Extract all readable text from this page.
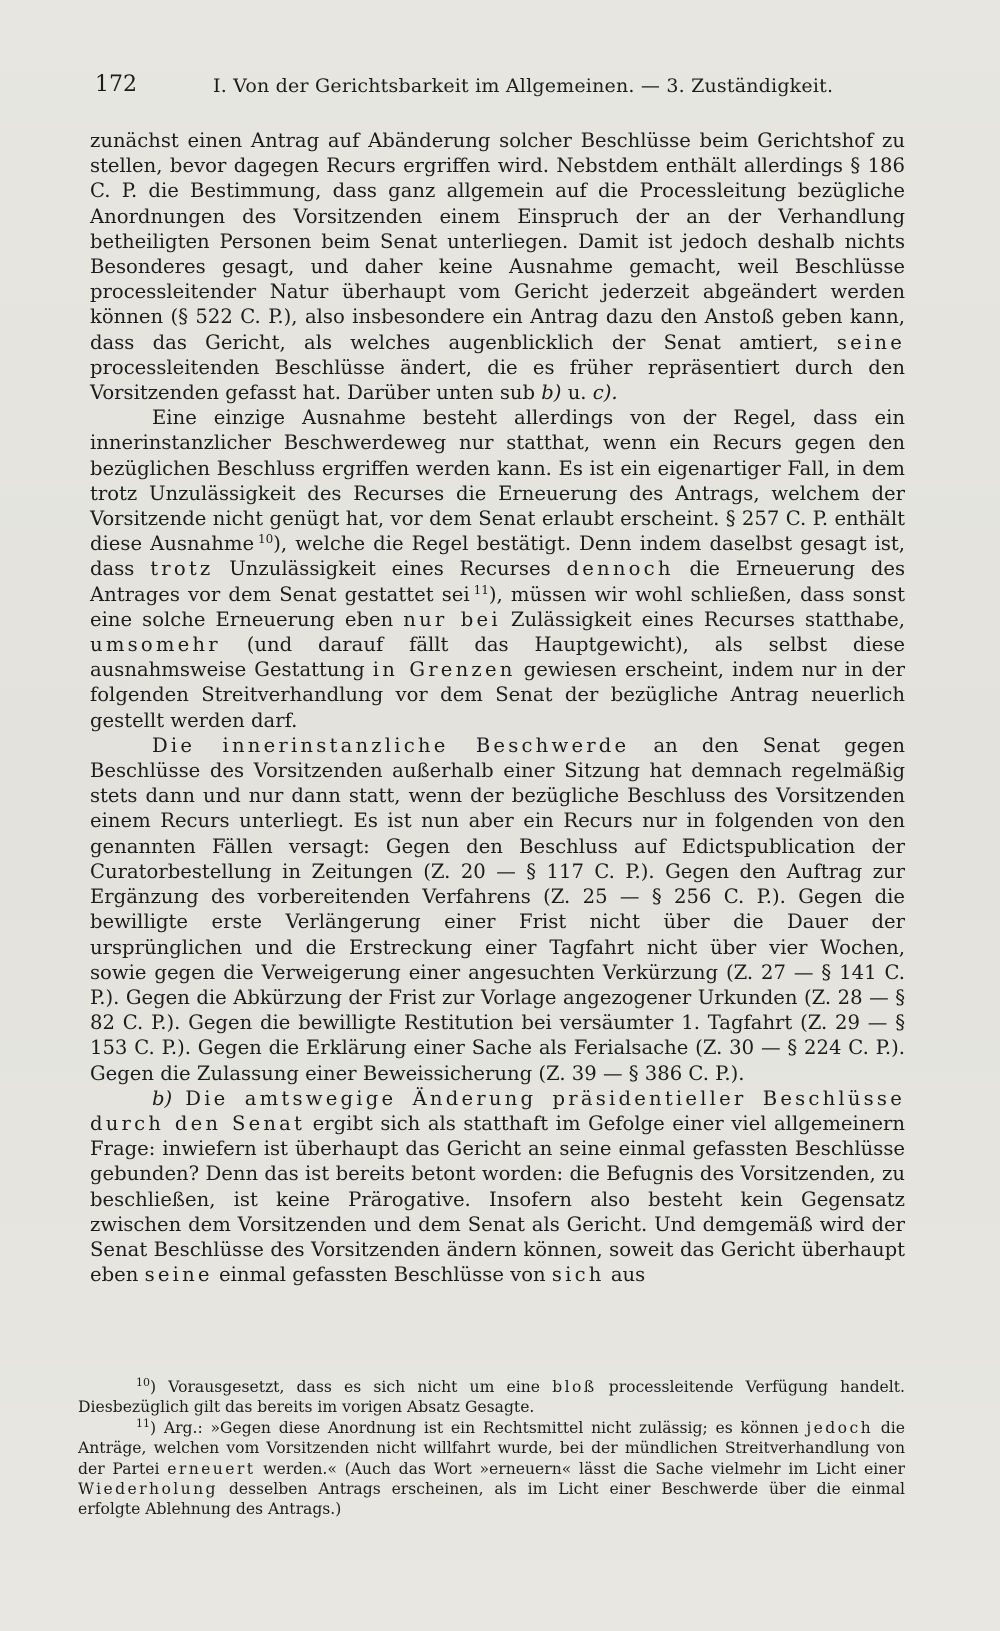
172	I. Von der Gerichtsbarkeit im Allgemeinen. — 3. Zuständigkeit.

zunächst einen Antrag auf Abänderung solcher Beschlüsse beim Gerichtshof zu stellen, bevor dagegen Recurs ergriffen wird. Nebstdem enthält allerdings § 186 C. P. die Bestimmung, dass ganz allgemein auf die Processleitung bezügliche Anordnungen des Vorsitzenden einem Einspruch der an der Verhandlung betheiligten Personen beim Senat unterliegen. Damit ist jedoch deshalb nichts Besonderes gesagt, und daher keine Ausnahme gemacht, weil Beschlüsse processleitender Natur überhaupt vom Gericht jederzeit abgeändert werden können (§ 522 C. P.), also insbesondere ein Antrag dazu den Anstoß geben kann, dass das Gericht, als welches augenblicklich der Senat amtiert, seine processleitenden Beschlüsse ändert, die es früher repräsentiert durch den Vorsitzenden gefasst hat. Darüber unten sub b) u. c).

Eine einzige Ausnahme besteht allerdings von der Regel, dass ein innerinstanzlicher Beschwerdeweg nur statthat, wenn ein Recurs gegen den bezüglichen Beschluss ergriffen werden kann. Es ist ein eigenartiger Fall, in dem trotz Unzulässigkeit des Recurses die Erneuerung des Antrags, welchem der Vorsitzende nicht genügt hat, vor dem Senat erlaubt erscheint. § 257 C. P. enthält diese Ausnahme  $^{10}$), welche die Regel bestätigt. Denn indem daselbst gesagt ist, dass trotz Unzulässigkeit eines Recurses dennoch die Erneuerung des Antrages vor dem Senat gestattet sei  $^{11}$), müssen wir wohl schließen, dass sonst eine solche Erneuerung eben nur bei Zulässigkeit eines Recurses statthabe, umsomehr (und darauf fällt das Hauptgewicht), als selbst diese ausnahmsweise Gestattung in Grenzen gewiesen erscheint, indem nur in der folgenden Streitverhandlung vor dem Senat der bezügliche Antrag neuerlich gestellt werden darf.

Die innerinstanzliche Beschwerde an den Senat gegen Beschlüsse des Vorsitzenden außerhalb einer Sitzung hat demnach regelmäßig stets dann und nur dann statt, wenn der bezügliche Beschluss des Vorsitzenden einem Recurs unterliegt. Es ist nun aber ein Recurs nur in folgenden von den genannten Fällen versagt: Gegen den Beschluss auf Edictspublication der Curatorbestellung in Zeitungen (Z. 20 — § 117 C. P.). Gegen den Auftrag zur Ergänzung des vorbereitenden Verfahrens (Z. 25 — § 256 C. P.). Gegen die bewilligte erste Verlängerung einer Frist nicht über die Dauer der ursprünglichen und die Erstreckung einer Tagfahrt nicht über vier Wochen, sowie gegen die Verweigerung einer angesuchten Verkürzung (Z. 27 — § 141 C. P.). Gegen die Abkürzung der Frist zur Vorlage angezogener Urkunden (Z. 28 — § 82 C. P.). Gegen die bewilligte Restitution bei versäumter 1. Tagfahrt (Z. 29 — § 153 C. P.). Gegen die Erklärung einer Sache als Ferialsache (Z. 30 — § 224 C. P.). Gegen die Zulassung einer Beweissicherung (Z. 39 — § 386 C. P.).

b) Die amtswegige Änderung präsidentieller Beschlüsse durch den Senat ergibt sich als statthaft im Gefolge einer viel allgemeinern Frage: inwiefern ist überhaupt das Gericht an seine einmal gefassten Beschlüsse gebunden? Denn das ist bereits betont worden: die Befugnis des Vorsitzenden, zu beschließen, ist keine Prärogative. Insofern also besteht kein Gegensatz zwischen dem Vorsitzenden und dem Senat als Gericht. Und demgemäß wird der Senat Beschlüsse des Vorsitzenden ändern können, soweit das Gericht überhaupt eben seine einmal gefassten Beschlüsse von sich aus

$^{10}$) Vorausgesetzt, dass es sich nicht um eine bloß processleitende Verfügung handelt. Diesbezüglich gilt das bereits im vorigen Absatz Gesagte.

$^{11}$) Arg.: »Gegen diese Anordnung ist ein Rechtsmittel nicht zulässig; es können jedoch die Anträge, welchen vom Vorsitzenden nicht willfahrt wurde, bei der mündlichen Streitverhandlung von der Partei erneuert werden.« (Auch das Wort »erneuern« lässt die Sache vielmehr im Licht einer Wiederholung desselben Antrags erscheinen, als im Licht einer Beschwerde über die einmal erfolgte Ablehnung des Antrags.)
